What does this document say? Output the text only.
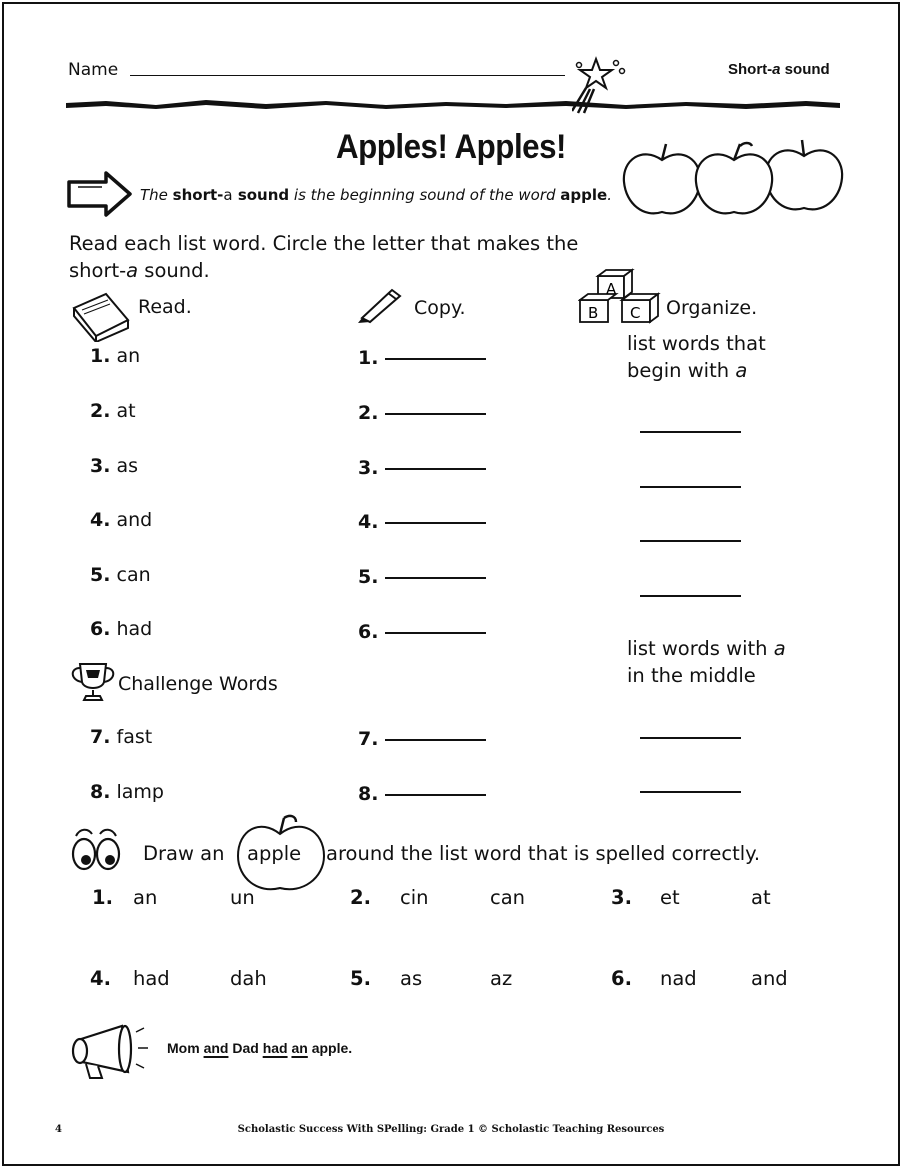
Name	Short-a sound
Apples! Apples!
The short-a sound is the beginning sound of the word apple.
Read each list word. Circle the letter that makes the
short-a sound.
Read.	Copy.
A
B C Organize.
1. an
2. at
3. as
4. and
5. can
6. had
Challenge Words
7. fast
8. lamp
1.
2.
3.
4.
5.
6.
7.
8.
list words that
begin with a
list words with a
in the middle
Draw an apple around the list word that is spelled correctly.
1. an	un	2. cin	can	3. et	at
4. had	dah	5. as	az	6. nad	and
Mom and Dad had an apple.
4	Scholastic Success With SPelling: Grade 1 © Scholastic Teaching Resources
